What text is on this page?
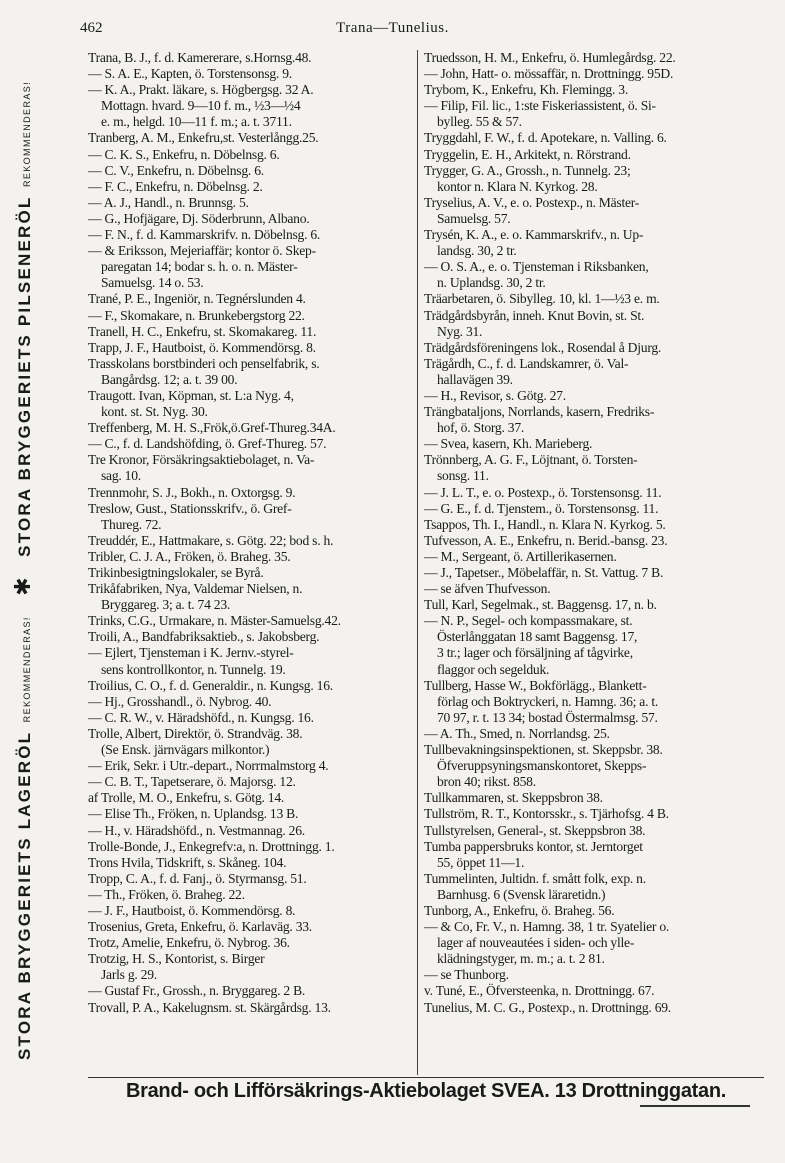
462	Trana—Tunelius.
STORA BRYGGERIETS LAGERÖL REKOMMENDERAS! ✱ STORA BRYGGERIETS PILSENERÖL REKOMMENDERAS!
Trana, B. J., f. d. Kamererare, s.Hornsg.48.
— S. A. E., Kapten, ö. Torstensonsg. 9.
— K. A., Prakt. läkare, s. Högbergsg. 32 A.
Mottagn. hvard. 9—10 f. m., ½3—½4
e. m., helgd. 10—11 f. m.; a. t. 3711.
Tranberg, A. M., Enkefru,st. Vesterlångg.25.
— C. K. S., Enkefru, n. Döbelnsg. 6.
— C. V., Enkefru, n. Döbelnsg. 6.
— F. C., Enkefru, n. Döbelnsg. 2.
— A. J., Handl., n. Brunnsg. 5.
— G., Hofjägare, Dj. Söderbrunn, Albano.
— F. N., f. d. Kammarskrifv. n. Döbelnsg. 6.
— & Eriksson, Mejeriaffär; kontor ö. Skep-
paregatan 14; bodar s. h. o. n. Mäster-
Samuelsg. 14 o. 53.
Trané, P. E., Ingeniör, n. Tegnérslunden 4.
— F., Skomakare, n. Brunkebergstorg 22.
Tranell, H. C., Enkefru, st. Skomakareg. 11.
Trapp, J. F., Hautboist, ö. Kommendörsg. 8.
Trasskolans borstbinderi och penselfabrik, s.
Bangårdsg. 12; a. t. 39 00.
Traugott. Ivan, Köpman, st. L:a Nyg. 4,
kont. st. St. Nyg. 30.
Treffenberg, M. H. S.,Frök,ö.Gref-Thureg.34A.
— C., f. d. Landshöfding, ö. Gref-Thureg. 57.
Tre Kronor, Försäkringsaktiebolaget, n. Va-
sag. 10.
Trennmohr, S. J., Bokh., n. Oxtorgsg. 9.
Treslow, Gust., Stationsskrifv., ö. Gref-
Thureg. 72.
Treuddér, E., Hattmakare, s. Götg. 22; bod s. h.
Tribler, C. J. A., Fröken, ö. Braheg. 35.
Trikinbesigtningslokaler, se Byrå.
Trikåfabriken, Nya, Valdemar Nielsen, n.
Bryggareg. 3; a. t. 74 23.
Trinks, C.G., Urmakare, n. Mäster-Samuelsg.42.
Troili, A., Bandfabriksaktieb., s. Jakobsberg.
— Ejlert, Tjensteman i K. Jernv.-styrel-
sens kontrollkontor, n. Tunnelg. 19.
Troilius, C. O., f. d. Generaldir., n. Kungsg. 16.
— Hj., Grosshandl., ö. Nybrog. 40.
— C. R. W., v. Häradshöfd., n. Kungsg. 16.
Trolle, Albert, Direktör, ö. Strandväg. 38.
(Se Ensk. järnvägars milkontor.)
— Erik, Sekr. i Utr.-depart., Norrmalmstorg 4.
— C. B. T., Tapetserare, ö. Majorsg. 12.
af Trolle, M. O., Enkefru, s. Götg. 14.
— Elise Th., Fröken, n. Uplandsg. 13 B.
— H., v. Häradshöfd., n. Vestmannag. 26.
Trolle-Bonde, J., Enkegrefv:a, n. Drottningg. 1.
Trons Hvila, Tidskrift, s. Skåneg. 104.
Tropp, C. A., f. d. Fanj., ö. Styrmansg. 51.
— Th., Fröken, ö. Braheg. 22.
— J. F., Hautboist, ö. Kommendörsg. 8.
Trosenius, Greta, Enkefru, ö. Karlaväg. 33.
Trotz, Amelie, Enkefru, ö. Nybrog. 36.
Trotzig, H. S., Kontorist, s. Birger
Jarls g. 29.
— Gustaf Fr., Grossh., n. Bryggareg. 2 B.
Trovall, P. A., Kakelugnsm. st. Skärgårdsg. 13.
Truedsson, H. M., Enkefru, ö. Humlegårdsg. 22.
— John, Hatt- o. mössaffär, n. Drottningg. 95D.
Trybom, K., Enkefru, Kh. Flemingg. 3.
— Filip, Fil. lic., 1:ste Fiskeriassistent, ö. Si-
bylleg. 55 & 57.
Tryggdahl, F. W., f. d. Apotekare, n. Valling. 6.
Tryggelin, E. H., Arkitekt, n. Rörstrand.
Trygger, G. A., Grossh., n. Tunnelg. 23;
kontor n. Klara N. Kyrkog. 28.
Tryselius, A. V., e. o. Postexp., n. Mäster-
Samuelsg. 57.
Trysén, K. A., e. o. Kammarskrifv., n. Up-
landsg. 30, 2 tr.
— O. S. A., e. o. Tjensteman i Riksbanken,
n. Uplandsg. 30, 2 tr.
Träarbetaren, ö. Sibylleg. 10, kl. 1—½3 e. m.
Trädgårdsbyrån, inneh. Knut Bovin, st. St.
Nyg. 31.
Trädgårdsföreningens lok., Rosendal å Djurg.
Trägårdh, C., f. d. Landskamrer, ö. Val-
hallavägen 39.
— H., Revisor, s. Götg. 27.
Trängbataljons, Norrlands, kasern, Fredriks-
hof, ö. Storg. 37.
— Svea, kasern, Kh. Marieberg.
Trönnberg, A. G. F., Löjtnant, ö. Torsten-
sonsg. 11.
— J. L. T., e. o. Postexp., ö. Torstensonsg. 11.
— G. E., f. d. Tjenstem., ö. Torstensonsg. 11.
Tsappos, Th. I., Handl., n. Klara N. Kyrkog. 5.
Tufvesson, A. E., Enkefru, n. Berid.-bansg. 23.
— M., Sergeant, ö. Artillerikasernen.
— J., Tapetser., Möbelaffär, n. St. Vattug. 7 B.
— se äfven Thufvesson.
Tull, Karl, Segelmak., st. Baggensg. 17, n. b.
— N. P., Segel- och kompassmakare, st.
Österlånggatan 18 samt Baggensg. 17,
3 tr.; lager och försäljning af tågvirke,
flaggor och segelduk.
Tullberg, Hasse W., Bokförlägg., Blankett-
förlag och Boktryckeri, n. Hamng. 36; a. t.
70 97, r. t. 13 34; bostad Östermalmsg. 57.
— A. Th., Smed, n. Norrlandsg. 25.
Tullbevakningsinspektionen, st. Skeppsbr. 38.
Öfveruppsyningsmanskontoret, Skepps-
bron 40; rikst. 858.
Tullkammaren, st. Skeppsbron 38.
Tullström, R. T., Kontorsskr., s. Tjärhofsg. 4 B.
Tullstyrelsen, General-, st. Skeppsbron 38.
Tumba pappersbruks kontor, st. Jerntorget
55, öppet 11—1.
Tummelinten, Jultidn. f. smått folk, exp. n.
Barnhusg. 6 (Svensk läraretidn.)
Tunborg, A., Enkefru, ö. Braheg. 56.
— & Co, Fr. V., n. Hamng. 38, 1 tr. Syatelier o.
lager af nouveautées i siden- och ylle-
klädningstyger, m. m.; a. t. 2 81.
— se Thunborg.
v. Tuné, E., Öfversteenka, n. Drottningg. 67.
Tunelius, M. C. G., Postexp., n. Drottningg. 69.
Brand- och Lifförsäkrings-Aktiebolaget SVEA. 13 Drottninggatan.
